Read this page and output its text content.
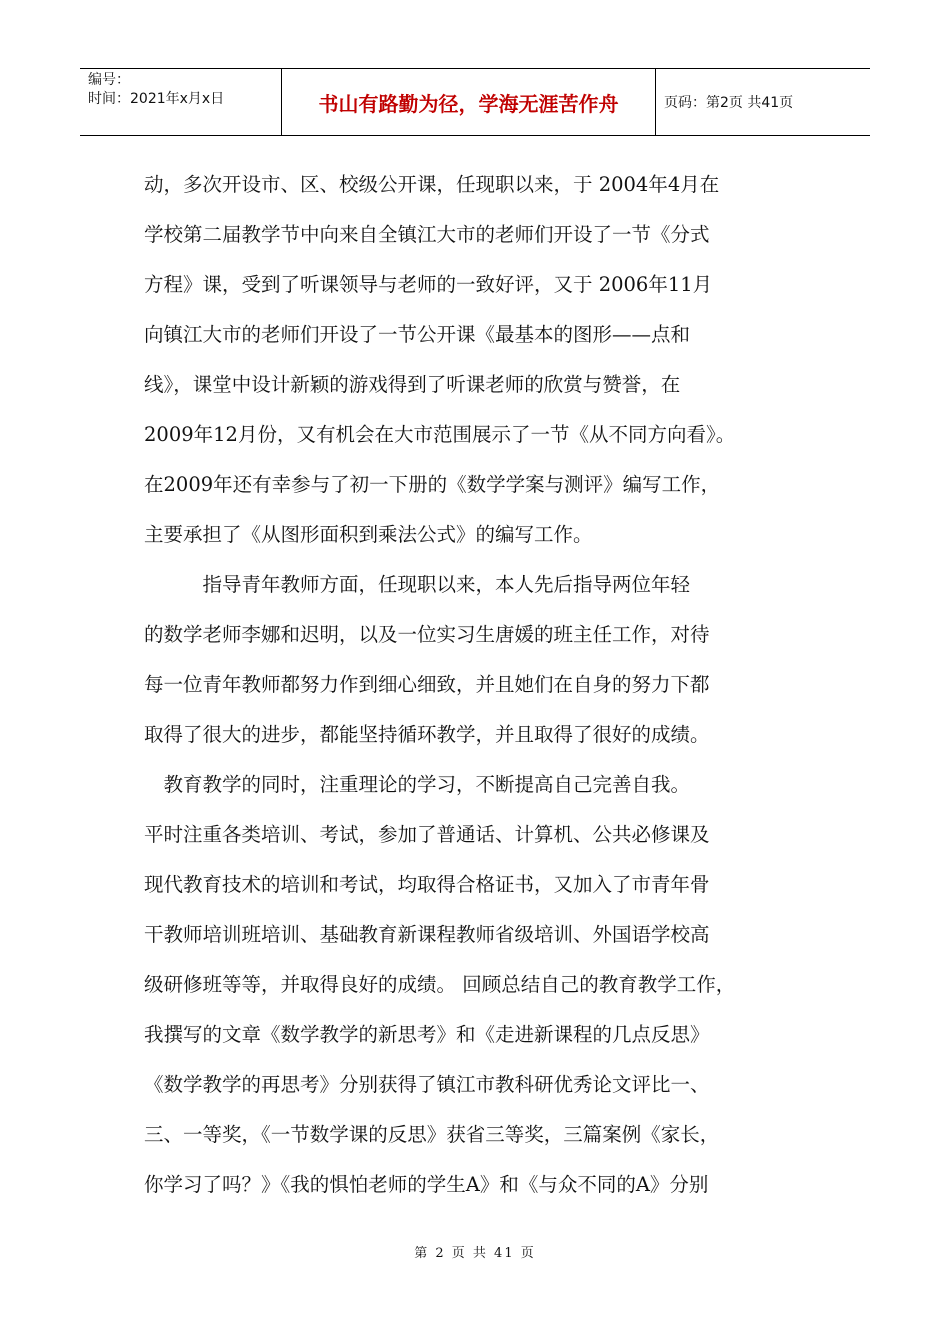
编号：
时间：2021年x月x日	书山有路勤为径，学海无涯苦作舟	页码：第2页 共41页
动，多次开设市、区、校级公开课，任现职以来，于 2004年4月在
学校第二届教学节中向来自全镇江大市的老师们开设了一节《分式
方程》课，受到了听课领导与老师的一致好评，又于 2006年11月
向镇江大市的老师们开设了一节公开课《最基本的图形——点和
线》，课堂中设计新颖的游戏得到了听课老师的欣赏与赞誉，在
2009年12月份，又有机会在大市范围展示了一节《从不同方向看》。
在2009年还有幸参与了初一下册的《数学学案与测评》编写工作，
主要承担了《从图形面积到乘法公式》的编写工作。
　　　指导青年教师方面，任现职以来，本人先后指导两位年轻
的数学老师李娜和迟明，以及一位实习生唐媛的班主任工作，对待
每一位青年教师都努力作到细心细致，并且她们在自身的努力下都
取得了很大的进步，都能坚持循环教学，并且取得了很好的成绩。
　教育教学的同时，注重理论的学习，不断提高自己完善自我。
平时注重各类培训、考试，参加了普通话、计算机、公共必修课及
现代教育技术的培训和考试，均取得合格证书，又加入了市青年骨
干教师培训班培训、基础教育新课程教师省级培训、外国语学校高
级研修班等等，并取得良好的成绩。 回顾总结自己的教育教学工作，
我撰写的文章《数学教学的新思考》和《走进新课程的几点反思》
《数学教学的再思考》分别获得了镇江市教科研优秀论文评比一、
三、一等奖，《一节数学课的反思》获省三等奖，三篇案例《家长，
你学习了吗？》《我的惧怕老师的学生A》和《与众不同的A》分别
第 2 页 共 41 页
